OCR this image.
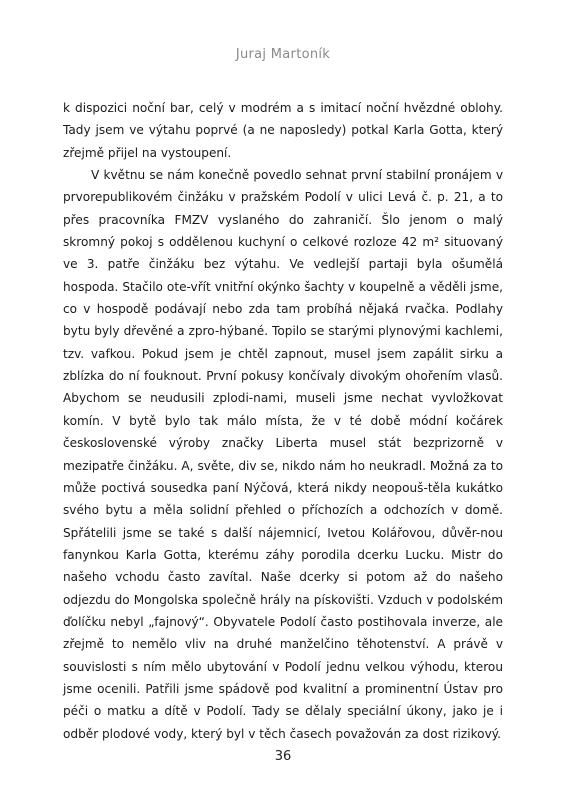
Juraj Martoník

k dispozici noční bar, celý v modrém a s imitací noční hvězdné oblohy. Tady jsem ve výtahu poprvé (a ne naposledy) potkal Karla Gotta, který zřejmě přijel na vystoupení.

V květnu se nám konečně povedlo sehnat první stabilní pronájem v prvorepublikovém činžáku v pražském Podolí v ulici Levá č. p. 21, a to přes pracovníka FMZV vyslaného do zahraničí. Šlo jenom o malý skromný pokoj s oddělenou kuchyní o celkové rozloze 42 m² situovaný ve 3. patře činžáku bez výtahu. Ve vedlejší partaji byla ošumělá hospoda. Stačilo ote-vřít vnitřní okýnko šachty v koupelně a věděli jsme, co v hospodě podávají nebo zda tam probíhá nějaká rvačka. Podlahy bytu byly dřevěné a zpro-hýbané. Topilo se starými plynovými kachlemi, tzv. vafkou. Pokud jsem je chtěl zapnout, musel jsem zapálit sirku a zblízka do ní fouknout. První pokusy končívaly divokým ohořením vlasů. Abychom se neudusili zplodi-nami, museli jsme nechat vyvložkovat komín. V bytě bylo tak málo místa, že v té době módní kočárek československé výroby značky Liberta musel stát bezprizorně v mezipatře činžáku. A, světe, div se, nikdo nám ho neukradl. Možná za to může poctivá sousedka paní Nýčová, která nikdy neopouš-těla kukátko svého bytu a měla solidní přehled o příchozích a odchozích v domě. Spřátelili jsme se také s další nájemnicí, Ivetou Kolářovou, důvěr-nou fanynkou Karla Gotta, kterému záhy porodila dcerku Lucku. Mistr do našeho vchodu často zavítal. Naše dcerky si potom až do našeho odjezdu do Mongolska společně hrály na pískovišti. Vzduch v podolském ďolíčku nebyl „fajnový“. Obyvatele Podolí často postihovala inverze, ale zřejmě to nemělo vliv na druhé manželčino těhotenství. A právě v souvislosti s ním mělo ubytování v Podolí jednu velkou výhodu, kterou jsme ocenili. Patřili jsme spádově pod kvalitní a prominentní Ústav pro péči o matku a dítě v Podolí. Tady se dělaly speciální úkony, jako je i odběr plodové vody, který byl v těch časech považován za dost rizikový.

36
